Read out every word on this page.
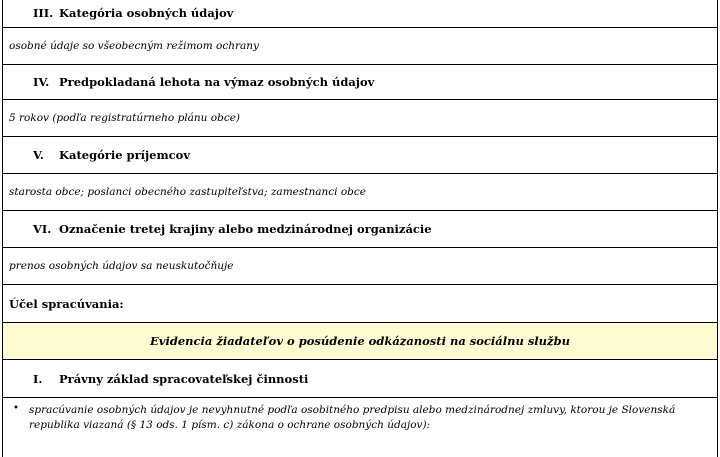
III. Kategória osobných údajov
osobné údaje so všeobecným režimom ochrany
IV. Predpokladaná lehota na výmaz osobných údajov
5 rokov (podľa registratúrneho plánu obce)
V.	Kategórie príjemcov
starosta obce; poslanci obecného zastupiteľstva; zamestnanci obce
VI. Označenie tretej krajiny alebo medzinárodnej organizácie
prenos osobných údajov sa neuskutočňuje
Účel spracúvania:
Evidencia žiadateľov o posúdenie odkázanosti na sociálnu službu
I.	Právny základ spracovateľskej činnosti
• spracúvanie osobných údajov je nevyhnutné podľa osobitného predpisu alebo medzinárodnej zmluvy, ktorou je Slovenská republika viazaná (§ 13 ods. 1 písm. c) zákona o ochrane osobných údajov):
